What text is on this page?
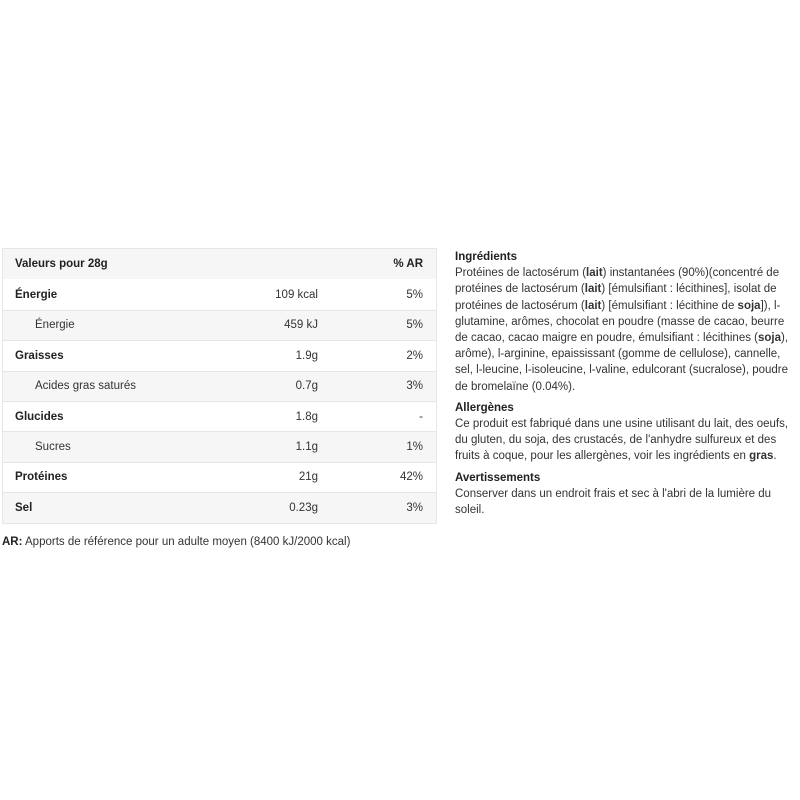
Valeurs pour 28g	% AR
Énergie	109 kcal	5%
Énergie	459 kJ	5%
Graisses	1.9g	2%
Acides gras saturés	0.7g	3%
Glucides	1.8g	-
Sucres	1.1g	1%
Protéines	21g	42%
Sel	0.23g	3%
AR: Apports de référence pour un adulte moyen (8400 kJ/2000 kcal)
Ingrédients

Protéines de lactosérum (lait) instantanées (90%)(concentré de protéines de lactosérum (lait) [émulsifiant : lécithines], isolat de protéines de lactosérum (lait) [émulsifiant : lécithine de soja]), l-glutamine, arômes, chocolat en poudre (masse de cacao, beurre de cacao, cacao maigre en poudre, émulsifiant : lécithines (soja), arôme), l-arginine, epaississant (gomme de cellulose), cannelle, sel, l-leucine, l-isoleucine, l-valine, edulcorant (sucralose), poudre de bromelaïne (0.04%).

Allergènes

Ce produit est fabriqué dans une usine utilisant du lait, des oeufs, du gluten, du soja, des crustacés, de l'anhydre sulfureux et des fruits à coque, pour les allergènes, voir les ingrédients en gras.

Avertissements

Conserver dans un endroit frais et sec à l'abri de la lumière du soleil.
